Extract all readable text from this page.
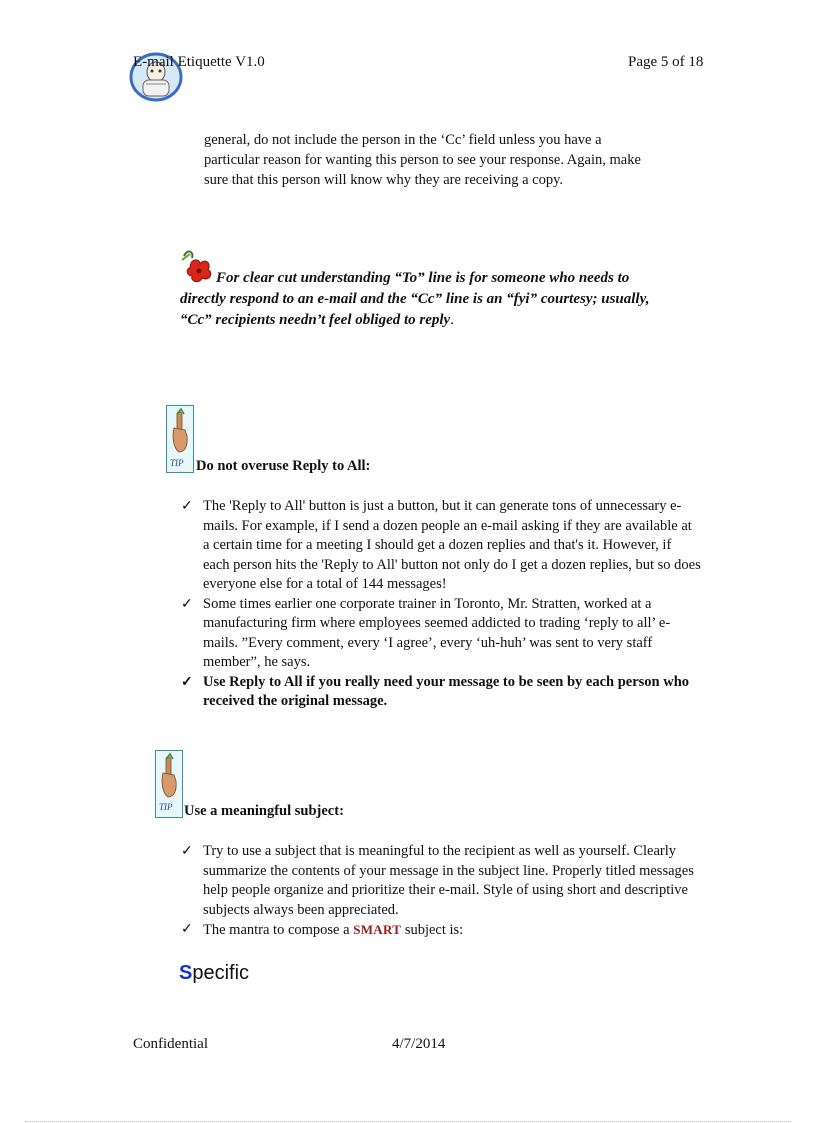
E-mail Etiquette V1.0	Page 5 of 18
general, do not include the person in the ‘Cc’ field unless you have a
particular reason for wanting this person to see your response. Again, make
sure that this person will know why they are receiving a copy.
For clear cut understanding “To” line is for someone who needs to
directly respond to an e-mail and the “Cc” line is an “fyi” courtesy; usually,
“Cc” recipients needn’t feel obliged to reply.
TIP Do not overuse Reply to All:
✓ The 'Reply to All' button is just a button, but it can generate tons of unnecessary e-mails. For example, if I send a dozen people an e-mail asking if they are available at a certain time for a meeting I should get a dozen replies and that's it. However, if each person hits the 'Reply to All' button not only do I get a dozen replies, but so does everyone else for a total of 144 messages!
✓ Some times earlier one corporate trainer in Toronto, Mr. Stratten, worked at a manufacturing firm where employees seemed addicted to trading ‘reply to all’ e-mails. ”Every comment, every ‘I agree’, every ‘uh-huh’ was sent to very staff member”, he says.
✓ Use Reply to All if you really need your message to be seen by each person who received the original message.
TIP Use a meaningful subject:
✓ Try to use a subject that is meaningful to the recipient as well as yourself. Clearly summarize the contents of your message in the subject line. Properly titled messages help people organize and prioritize their e-mail. Style of using short and descriptive subjects always been appreciated.
✓ The mantra to compose a SMART subject is:
Specific
Confidential	4/7/2014
